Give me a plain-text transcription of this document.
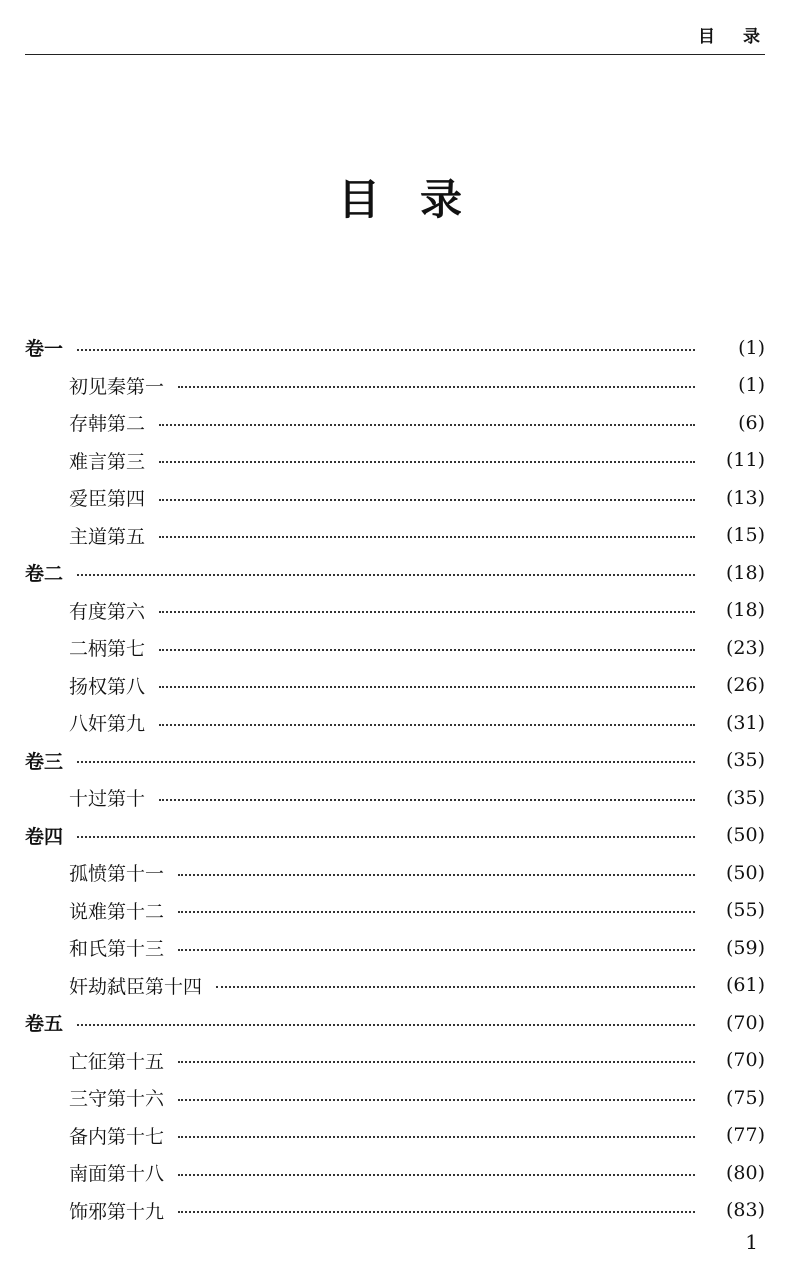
目录
目录
卷一	(1)
初见秦第一	(1)
存韩第二	(6)
难言第三	(11)
爱臣第四	(13)
主道第五	(15)
卷二	(18)
有度第六	(18)
二柄第七	(23)
扬权第八	(26)
八奸第九	(31)
卷三	(35)
十过第十	(35)
卷四	(50)
孤愤第十一	(50)
说难第十二	(55)
和氏第十三	(59)
奸劫弑臣第十四	(61)
卷五	(70)
亡征第十五	(70)
三守第十六	(75)
备内第十七	(77)
南面第十八	(80)
饰邪第十九	(83)
1
